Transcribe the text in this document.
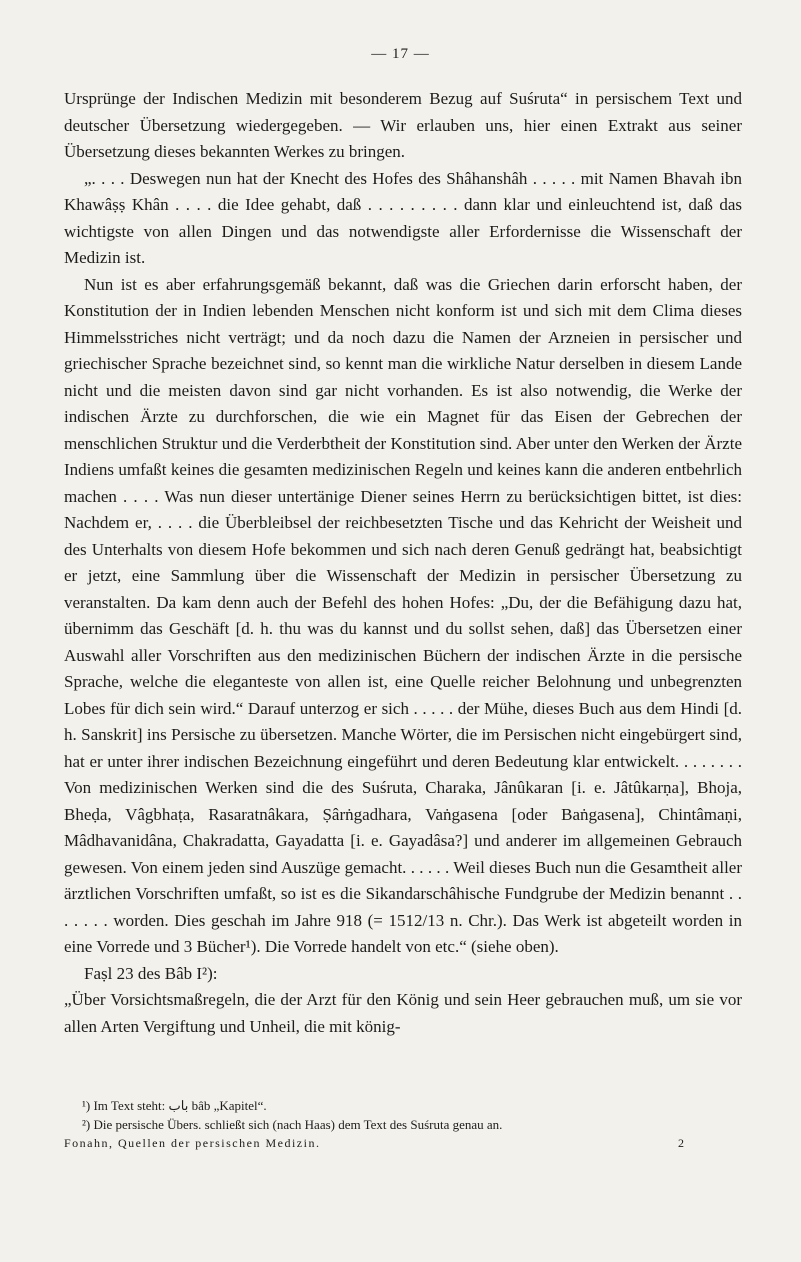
— 17 —

Ursprünge der Indischen Medizin mit besonderem Bezug auf Suśruta“ in persischem Text und deutscher Übersetzung wiedergegeben. — Wir erlauben uns, hier einen Extrakt aus seiner Übersetzung dieses bekannten Werkes zu bringen.

„. . . . Deswegen nun hat der Knecht des Hofes des Shâhanshâh . . . . . mit Namen Bhavah ibn Khawâṣṣ Khân . . . . die Idee gehabt, daß . . . . . . . . . dann klar und einleuchtend ist, daß das wichtigste von allen Dingen und das notwendigste aller Erfordernisse die Wissenschaft der Medizin ist.

Nun ist es aber erfahrungsgemäß bekannt, daß was die Griechen darin erforscht haben, der Konstitution der in Indien lebenden Menschen nicht konform ist und sich mit dem Clima dieses Himmelsstriches nicht verträgt; und da noch dazu die Namen der Arzneien in persischer und griechischer Sprache bezeichnet sind, so kennt man die wirkliche Natur derselben in diesem Lande nicht und die meisten davon sind gar nicht vorhanden. Es ist also notwendig, die Werke der indischen Ärzte zu durchforschen, die wie ein Magnet für das Eisen der Gebrechen der menschlichen Struktur und die Verderbtheit der Konstitution sind. Aber unter den Werken der Ärzte Indiens umfaßt keines die gesamten medizinischen Regeln und keines kann die anderen entbehrlich machen . . . . Was nun dieser untertänige Diener seines Herrn zu berücksichtigen bittet, ist dies: Nachdem er, . . . . die Überbleibsel der reichbesetzten Tische und das Kehricht der Weisheit und des Unterhalts von diesem Hofe bekommen und sich nach deren Genuß gedrängt hat, beabsichtigt er jetzt, eine Sammlung über die Wissenschaft der Medizin in persischer Übersetzung zu veranstalten. Da kam denn auch der Befehl des hohen Hofes: „Du, der die Befähigung dazu hat, übernimm das Geschäft [d. h. thu was du kannst und du sollst sehen, daß] das Übersetzen einer Auswahl aller Vorschriften aus den medizinischen Büchern der indischen Ärzte in die persische Sprache, welche die eleganteste von allen ist, eine Quelle reicher Belohnung und unbegrenzten Lobes für dich sein wird.“ Darauf unterzog er sich . . . . . der Mühe, dieses Buch aus dem Hindi [d. h. Sanskrit] ins Persische zu übersetzen. Manche Wörter, die im Persischen nicht eingebürgert sind, hat er unter ihrer indischen Bezeichnung eingeführt und deren Bedeutung klar entwickelt. . . . . . . . Von medizinischen Werken sind die des Suśruta, Charaka, Jânûkaran [i. e. Jâtûkarṇa], Bhoja, Bheḍa, Vâgbhaṭa, Rasaratnâkara, Ṣârṅgadhara, Vaṅgasena [oder Baṅgasena], Chintâmaṇi, Mâdhavanidâna, Chakradatta, Gayadatta [i. e. Gayadâsa?] und anderer im allgemeinen Gebrauch gewesen. Von einem jeden sind Auszüge gemacht. . . . . . Weil dieses Buch nun die Gesamtheit aller ärztlichen Vorschriften umfaßt, so ist es die Sikandarschâhische Fundgrube der Medizin benannt . . . . . . . worden. Dies geschah im Jahre 918 (= 1512/13 n. Chr.). Das Werk ist abgeteilt worden in eine Vorrede und 3 Bücher¹). Die Vorrede handelt von etc.“ (siehe oben).

Faṣl 23 des Bâb I²):

„Über Vorsichtsmaßregeln, die der Arzt für den König und sein Heer gebrauchen muß, um sie vor allen Arten Vergiftung und Unheil, die mit könig-

¹) Im Text steht: باب bâb „Kapitel“.

²) Die persische Übers. schließt sich (nach Haas) dem Text des Suśruta genau an.

Fonahn, Quellen der persischen Medizin.	2
